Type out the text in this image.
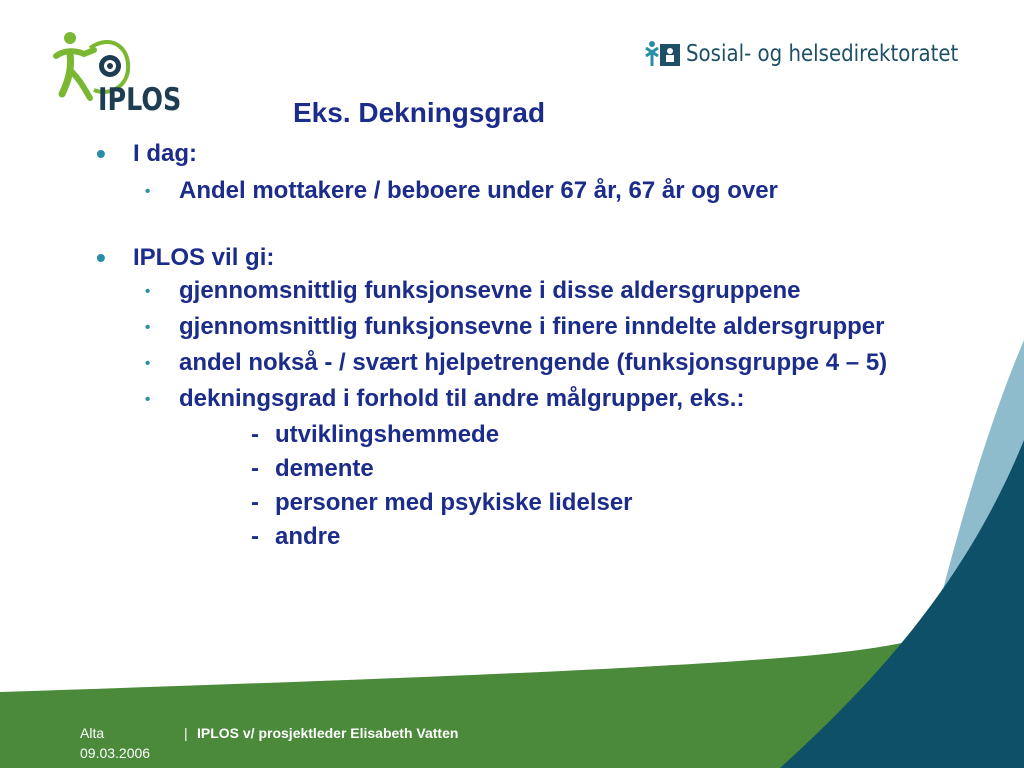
IPLOS
Sosial- og helsedirektoratet
Eks. Dekningsgrad
• I dag:
• Andel mottakere / beboere under 67 år, 67 år og over
• IPLOS vil gi:
• gjennomsnittlig funksjonsevne i disse aldersgruppene
• gjennomsnittlig funksjonsevne i finere inndelte aldersgrupper
• andel nokså - / svært hjelpetrengende (funksjonsgruppe 4 – 5)
• dekningsgrad i forhold til andre målgrupper, eks.:
- utviklingshemmede
- demente
- personer med psykiske lidelser
- andre
Alta
09.03.2006
| IPLOS v/ prosjektleder Elisabeth Vatten
